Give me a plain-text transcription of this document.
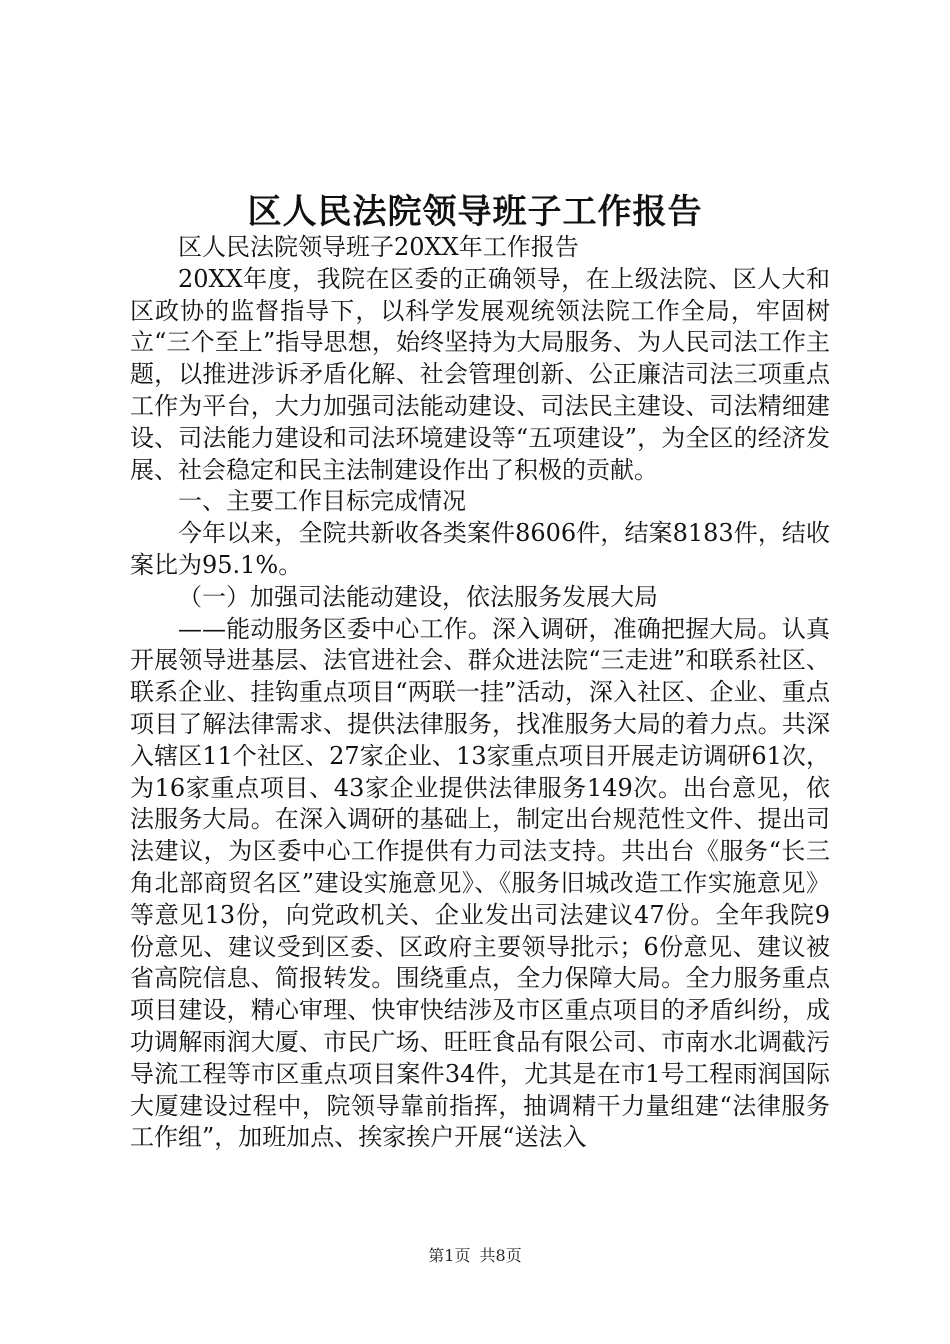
区人民法院领导班子工作报告

区人民法院领导班子20XX年工作报告

20XX年度，我院在区委的正确领导，在上级法院、区人大和区政协的监督指导下，以科学发展观统领法院工作全局，牢固树立“三个至上”指导思想，始终坚持为大局服务、为人民司法工作主题，以推进涉诉矛盾化解、社会管理创新、公正廉洁司法三项重点工作为平台，大力加强司法能动建设、司法民主建设、司法精细建设、司法能力建设和司法环境建设等“五项建设”，为全区的经济发展、社会稳定和民主法制建设作出了积极的贡献。

一、主要工作目标完成情况

今年以来，全院共新收各类案件8606件，结案8183件，结收案比为95.1%。

（一）加强司法能动建设，依法服务发展大局

——能动服务区委中心工作。深入调研，准确把握大局。认真开展领导进基层、法官进社会、群众进法院“三走进”和联系社区、联系企业、挂钩重点项目“两联一挂”活动，深入社区、企业、重点项目了解法律需求、提供法律服务，找准服务大局的着力点。共深入辖区11个社区、27家企业、13家重点项目开展走访调研61次，为16家重点项目、43家企业提供法律服务149次。出台意见，依法服务大局。在深入调研的基础上，制定出台规范性文件、提出司法建议，为区委中心工作提供有力司法支持。共出台《服务“长三角北部商贸名区”建设实施意见》、《服务旧城改造工作实施意见》等意见13份，向党政机关、企业发出司法建议47份。全年我院9份意见、建议受到区委、区政府主要领导批示；6份意见、建议被省高院信息、简报转发。围绕重点，全力保障大局。全力服务重点项目建设，精心审理、快审快结涉及市区重点项目的矛盾纠纷，成功调解雨润大厦、市民广场、旺旺食品有限公司、市南水北调截污导流工程等市区重点项目案件34件，尤其是在市1号工程雨润国际大厦建设过程中，院领导靠前指挥，抽调精干力量组建“法律服务工作组”，加班加点、挨家挨户开展“送法入

第1页 共8页
